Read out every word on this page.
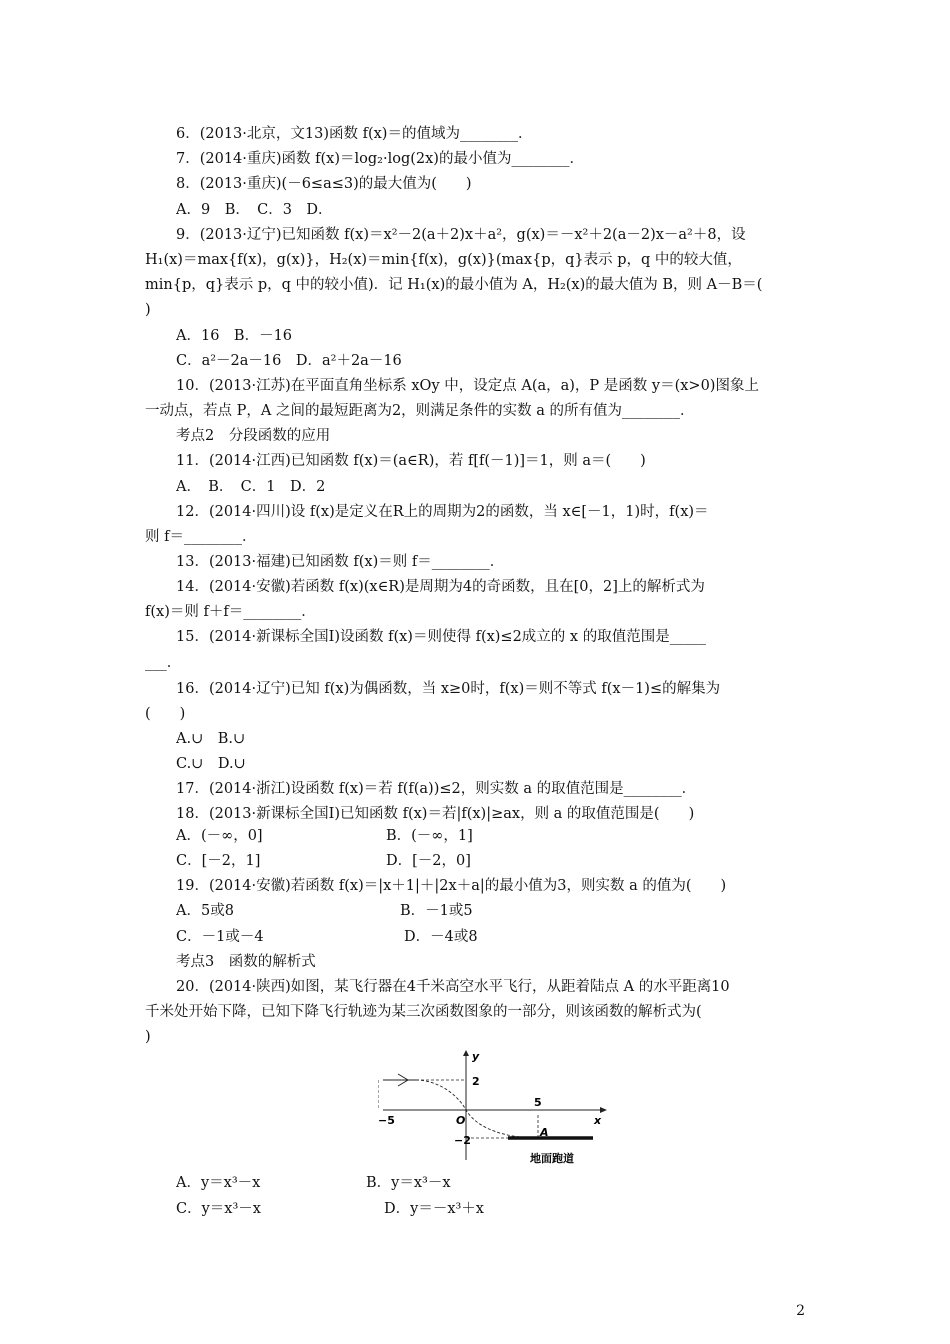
6．(2013·北京，文13)函数 f(x)＝的值域为________．
7．(2014·重庆)函数 f(x)＝log₂·log(2x)的最小值为________．
8．(2013·重庆)(－6≤a≤3)的最大值为(　　)
A．9　B．　C．3　D．
9．(2013·辽宁)已知函数 f(x)＝x²－2(a＋2)x＋a²，g(x)＝－x²＋2(a－2)x－a²＋8，设
H₁(x)＝max{f(x)，g(x)}，H₂(x)＝min{f(x)，g(x)}(max{p，q}表示 p，q 中的较大值，
min{p，q}表示 p，q 中的较小值)．记 H₁(x)的最小值为 A，H₂(x)的最大值为 B，则 A－B＝(
)
A．16　B．－16
C．a²－2a－16　D．a²＋2a－16
10．(2013·江苏)在平面直角坐标系 xOy 中，设定点 A(a，a)，P 是函数 y＝(x>0)图象上
一动点，若点 P，A 之间的最短距离为2，则满足条件的实数 a 的所有值为________．
考点2　分段函数的应用
11．(2014·江西)已知函数 f(x)＝(a∈R)，若 f[f(－1)]＝1，则 a＝(　　)
A．　B．　C．1　D．2
12．(2014·四川)设 f(x)是定义在R上的周期为2的函数，当 x∈[－1，1)时，f(x)＝
则 f＝________．
13．(2013·福建)已知函数 f(x)＝则 f＝________．
14．(2014·安徽)若函数 f(x)(x∈R)是周期为4的奇函数，且在[0，2]上的解析式为
f(x)＝则 f＋f＝________．
15．(2014·新课标全国Ⅰ)设函数 f(x)＝则使得 f(x)≤2成立的 x 的取值范围是_____
___．
16．(2014·辽宁)已知 f(x)为偶函数，当 x≥0时，f(x)＝则不等式 f(x－1)≤的解集为
(　　)
A.∪　B.∪
C.∪　D.∪
17．(2014·浙江)设函数 f(x)＝若 f(f(a))≤2，则实数 a 的取值范围是________．
18．(2013·新课标全国Ⅰ)已知函数 f(x)＝若|f(x)|≥ax，则 a 的取值范围是(　　)
A．(－∞，0]	B．(－∞，1]
C．[－2，1]	D．[－2，0]
19．(2014·安徽)若函数 f(x)＝|x＋1|＋|2x＋a|的最小值为3，则实数 a 的值为(　　)
A．5或8	B．－1或5
C．－1或－4	D．－4或8
考点3　函数的解析式
20．(2014·陕西)如图，某飞行器在4千米高空水平飞行，从距着陆点 A 的水平距离10
千米处开始下降，已知下降飞行轨迹为某三次函数图象的一部分，则该函数的解析式为(
)
y
x
O
2
−2
−5
5
A
地面跑道
A．y＝x³－x	B．y＝x³－x
C．y＝x³－x	D．y＝－x³＋x
2
